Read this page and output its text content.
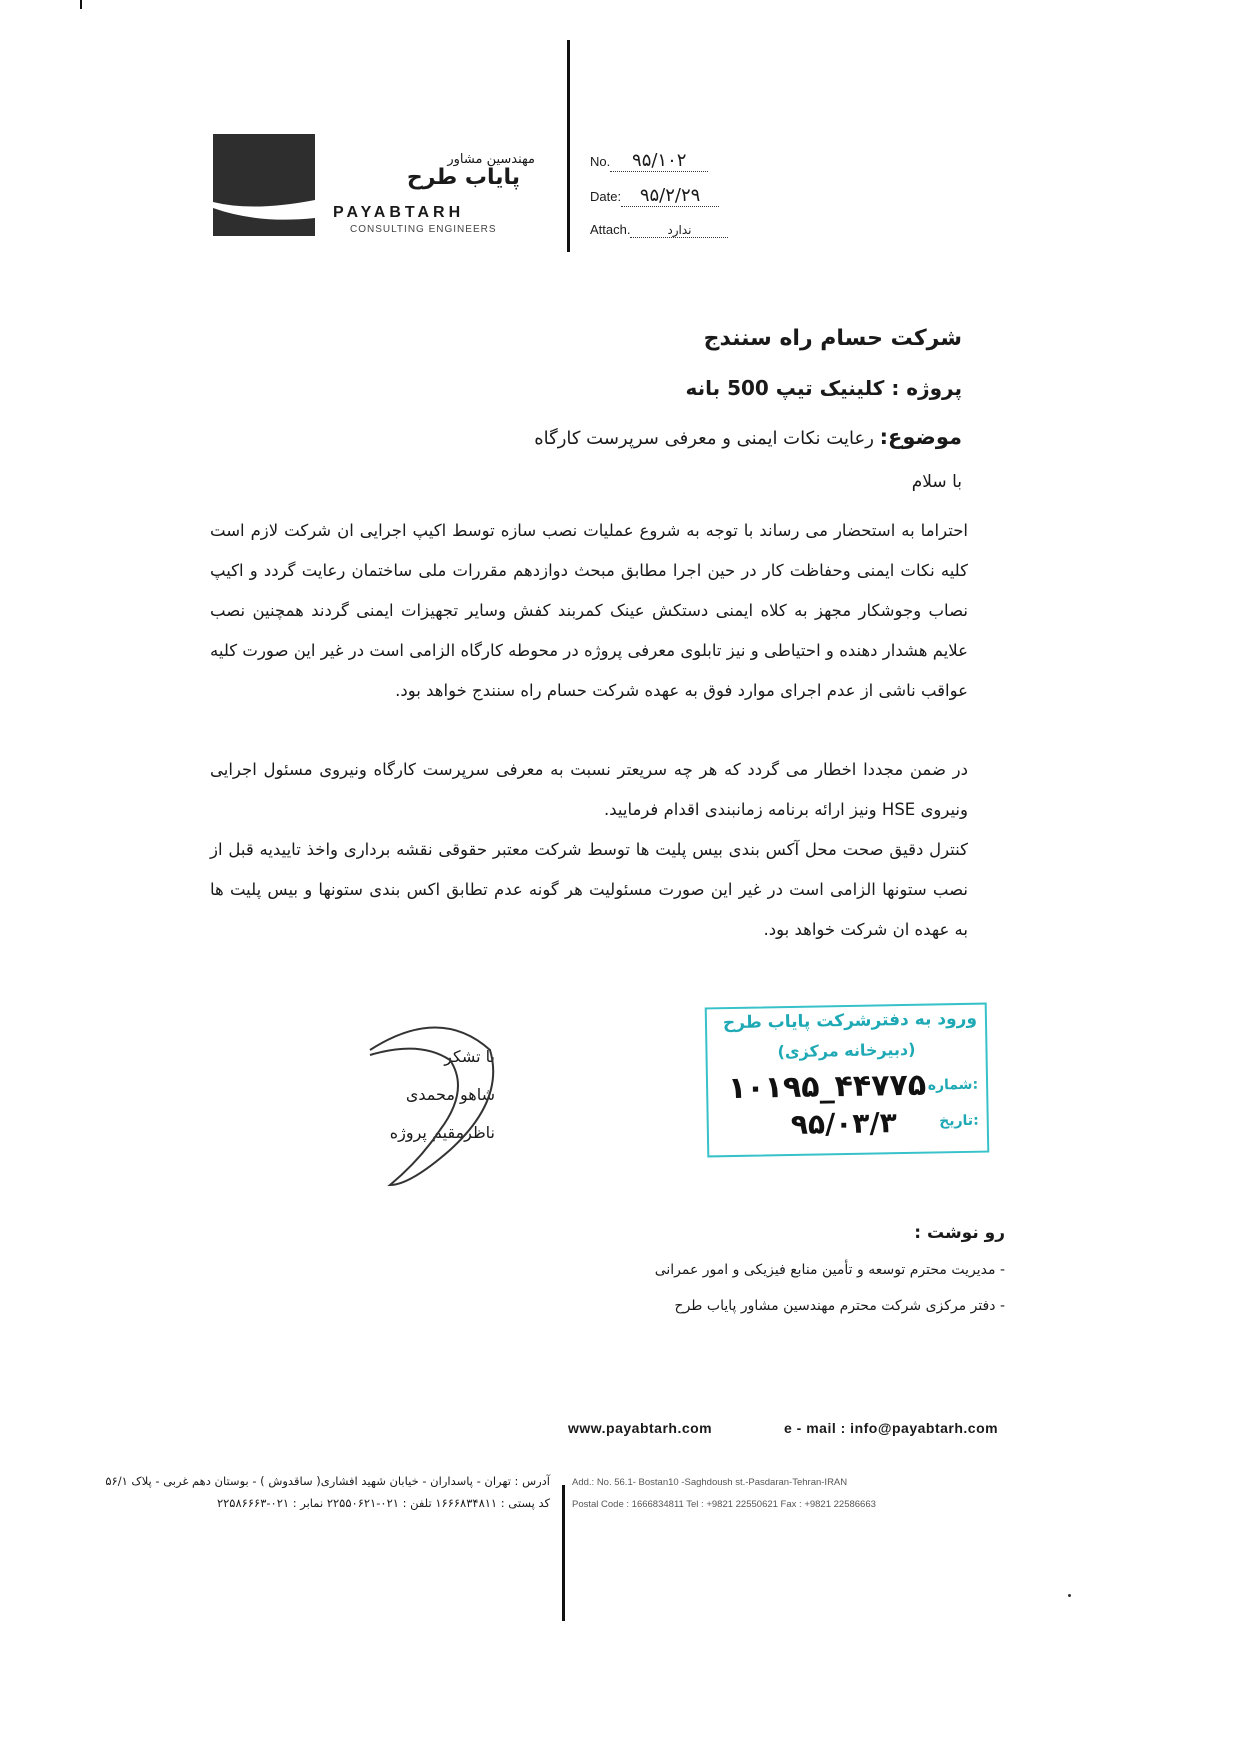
مهندسین مشاور
پایاب طرح
PAYABTARH
CONSULTING ENGINEERS
No.	۹۵/۱۰۲
Date:	۹۵/۲/۲۹
Attach.	ندارد
شرکت حسام راه سنندج
پروژه : کلینیک تیپ 500 بانه
موضوع: رعایت نکات ایمنی و معرفی سرپرست کارگاه
با سلام
احتراما به استحضار می رساند با توجه به شروع عملیات نصب سازه توسط اکیپ اجرایی ان شرکت لازم است کلیه نکات ایمنی وحفاظت کار در حین اجرا مطابق مبحث دوازدهم مقررات ملی ساختمان رعایت گردد و اکیپ نصاب وجوشکار مجهز به کلاه ایمنی دستکش عینک کمربند کفش وسایر تجهیزات ایمنی گردند همچنین نصب علایم هشدار دهنده و احتیاطی و نیز تابلوی معرفی پروژه در محوطه کارگاه الزامی است در غیر این صورت کلیه عواقب ناشی از عدم اجرای موارد فوق به عهده شرکت حسام راه سنندج خواهد بود.
در ضمن مجددا اخطار می گردد که هر چه سریعتر نسبت به معرفی سرپرست کارگاه ونیروی مسئول اجرایی ونیروی HSE ونیز ارائه برنامه زمانبندی اقدام فرمایید.
کنترل دقیق صحت محل آکس بندی بیس پلیت ها توسط شرکت معتبر حقوقی نقشه برداری واخذ تاییدیه قبل از نصب ستونها الزامی است در غیر این صورت مسئولیت هر گونه عدم تطابق اکس بندی ستونها و بیس پلیت ها به عهده ان شرکت خواهد بود.
با تشکر
شاهو محمدی
ناظرمقیم پروژه
ورود به دفترشرکت پایاب طرح
(دبیرخانه مرکزی)
شماره:
۱۰۱۹۵_۴۴۷۷۵
تاریخ:
۹۵/۰۳/۳
رو نوشت :
- مدیریت محترم توسعه و تأمین منابع فیزیکی و امور عمرانی
- دفتر مرکزی شرکت محترم مهندسین مشاور پایاب طرح
www.payabtarh.com	e - mail : info@payabtarh.com
آدرس : تهران - پاسداران - خیابان شهید افشاری( ساقدوش ) - بوستان دهم غربی - پلاک ۵۶/۱
کد پستی : ۱۶۶۶۸۳۴۸۱۱ تلفن : ۰۲۱-۲۲۵۵۰۶۲۱ نمابر : ۰۲۱-۲۲۵۸۶۶۶۳
Add.: No. 56.1- Bostan10 -Saghdoush st.-Pasdaran-Tehran-IRAN
Postal Code : 1666834811 Tel : +9821 22550621 Fax : +9821 22586663
